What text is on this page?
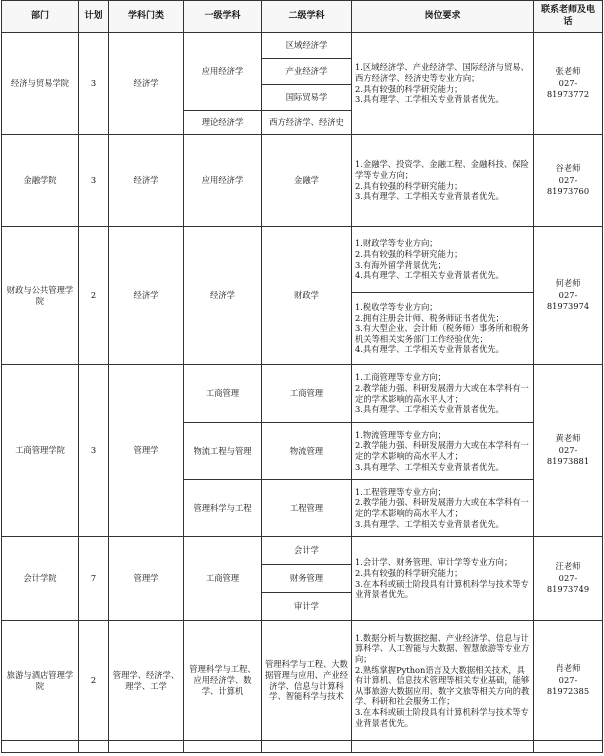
部门	计划	学科门类	一级学科	二级学科	岗位要求	联系老师及电话
经济与贸易学院	3	经济学	应用经济学	区域经济学	1.区域经济学、产业经济学、国际经济与贸易、西方经济学、经济史等专业方向；
2.具有较强的科学研究能力；
3.具有理学、工学相关专业背景者优先。	张老师
027-
81973772

				产业经济学		
				国际贸易学		
			理论经济学	西方经济学、经济史		
金融学院	3	经济学	应用经济学	金融学	1.金融学、投资学、金融工程、金融科技、保险学等专业方向；
2.具有较强的科学研究能力；
3.具有理学、工学相关专业背景者优先。	谷老师
027-
81973760

财政与公共管理学院	2	经济学	经济学	财政学	1.财政学等专业方向；
2.具有较强的科学研究能力；
3.有海外留学背景优先；
4.具有理学、工学相关专业背景者优先。	何老师
027-
81973974

					1.税收学等专业方向；
2.拥有注册会计师、税务师证书者优先；
3.有大型企业、会计师（税务师）事务所和税务机关等相关实务部门工作经验优先；
4.具有理学、工学相关专业背景者优先。	

工商管理学院	3	管理学	工商管理	工商管理	1.工商管理等专业方向；
2.教学能力强、科研发展潜力大或在本学科有一定的学术影响的高水平人才；
3.具有理学、工学相关专业背景者优先。	黄老师
027-
81973881

			物流工程与管理	物流管理	1.物流管理等专业方向；
2.教学能力强、科研发展潜力大或在本学科有一定的学术影响的高水平人才；
3.具有理学、工学相关专业背景者优先。	

			管理科学与工程	工程管理	1.工程管理等专业方向；
2.教学能力强、科研发展潜力大或在本学科有一定的学术影响的高水平人才；
3.具有理学、工学相关专业背景者优先。	

会计学院	7	管理学	工商管理	会计学	1.会计学、财务管理、审计学等专业方向；
2.具有较强的科学研究能力；
3.在本科或硕士阶段具有计算机科学与技术等专业背景者优先。	汪老师
027-
81973749

				财务管理		
				审计学		
旅游与酒店管理学院	2	管理学、经济学、理学、工学	管理科学与工程、应用经济学、数学、计算机	管理科学与工程、大数据管理与应用、产业经济学、信息与计算科学、智能科学与技术	1.数据分析与数据挖掘、产业经济学、信息与计算科学、人工智能与大数据、智慧旅游等专业方向；
2.熟练掌握Python语言及大数据相关技术，具有计算机、信息技术管理等相关专业基础，能够从事旅游大数据应用、数字文旅等相关方向的教学、科研和社会服务工作；
3.在本科或硕士阶段具有计算机科学与技术等专业背景者优先。	肖老师
027-
81972385
